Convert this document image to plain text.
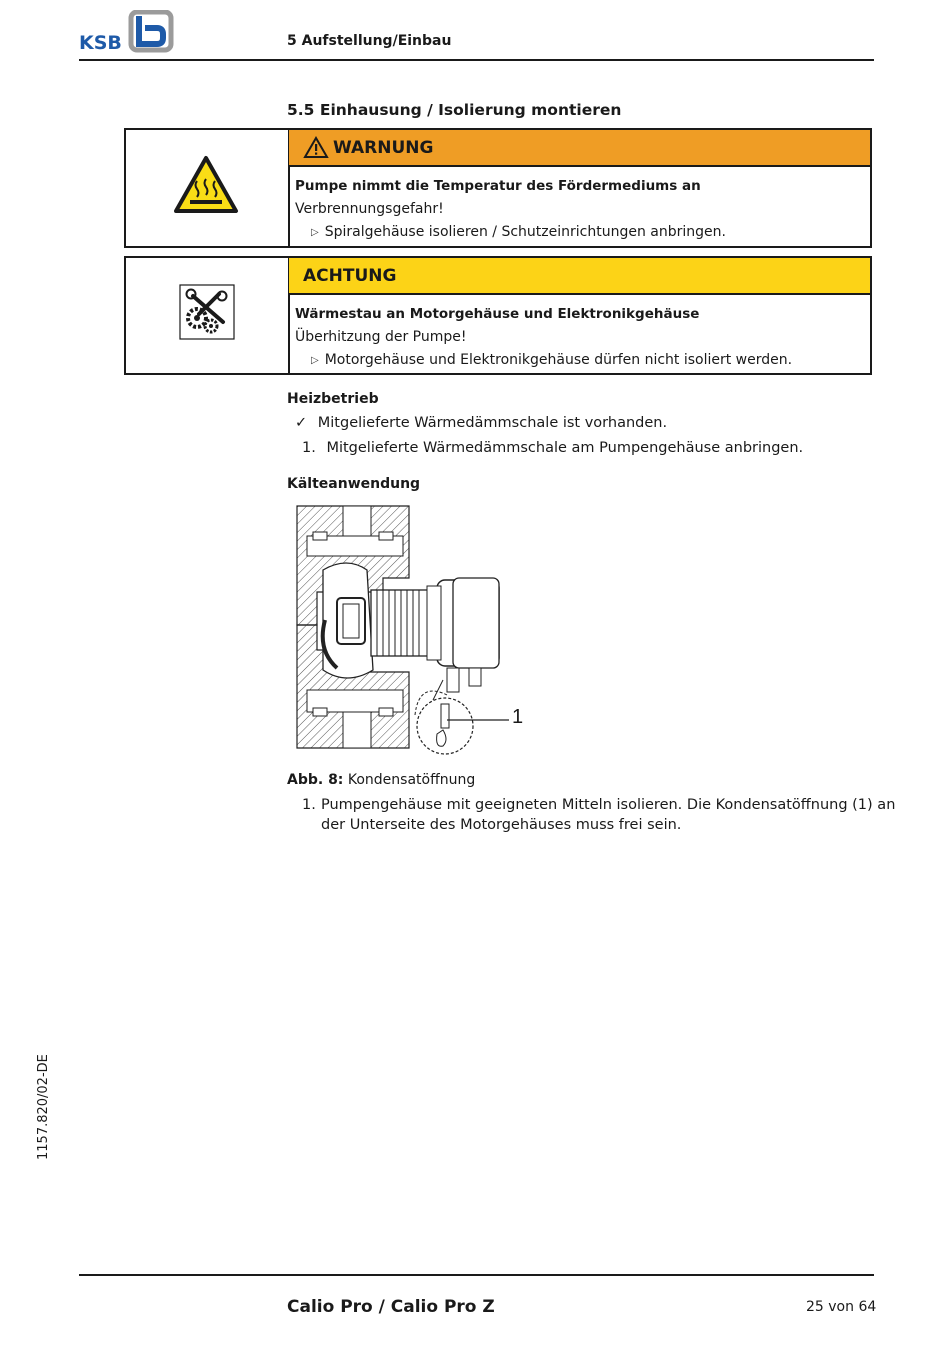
KSB	5 Aufstellung/Einbau
5.5 Einhausung / Isolierung montieren
WARNUNG
Pumpe nimmt die Temperatur des Fördermediums an
Verbrennungsgefahr!
▷ Spiralgehäuse isolieren / Schutzeinrichtungen anbringen.
ACHTUNG
Wärmestau an Motorgehäuse und Elektronikgehäuse
Überhitzung der Pumpe!
▷ Motorgehäuse und Elektronikgehäuse dürfen nicht isoliert werden.
Heizbetrieb
✓ Mitgelieferte Wärmedämmschale ist vorhanden.
1. Mitgelieferte Wärmedämmschale am Pumpengehäuse anbringen.
Kälteanwendung
1
Abb. 8: Kondensatöffnung
1. Pumpengehäuse mit geeigneten Mitteln isolieren. Die Kondensatöffnung (1) an
der Unterseite des Motorgehäuses muss frei sein.
1157.820/02-DE
Calio Pro / Calio Pro Z	25 von 64
